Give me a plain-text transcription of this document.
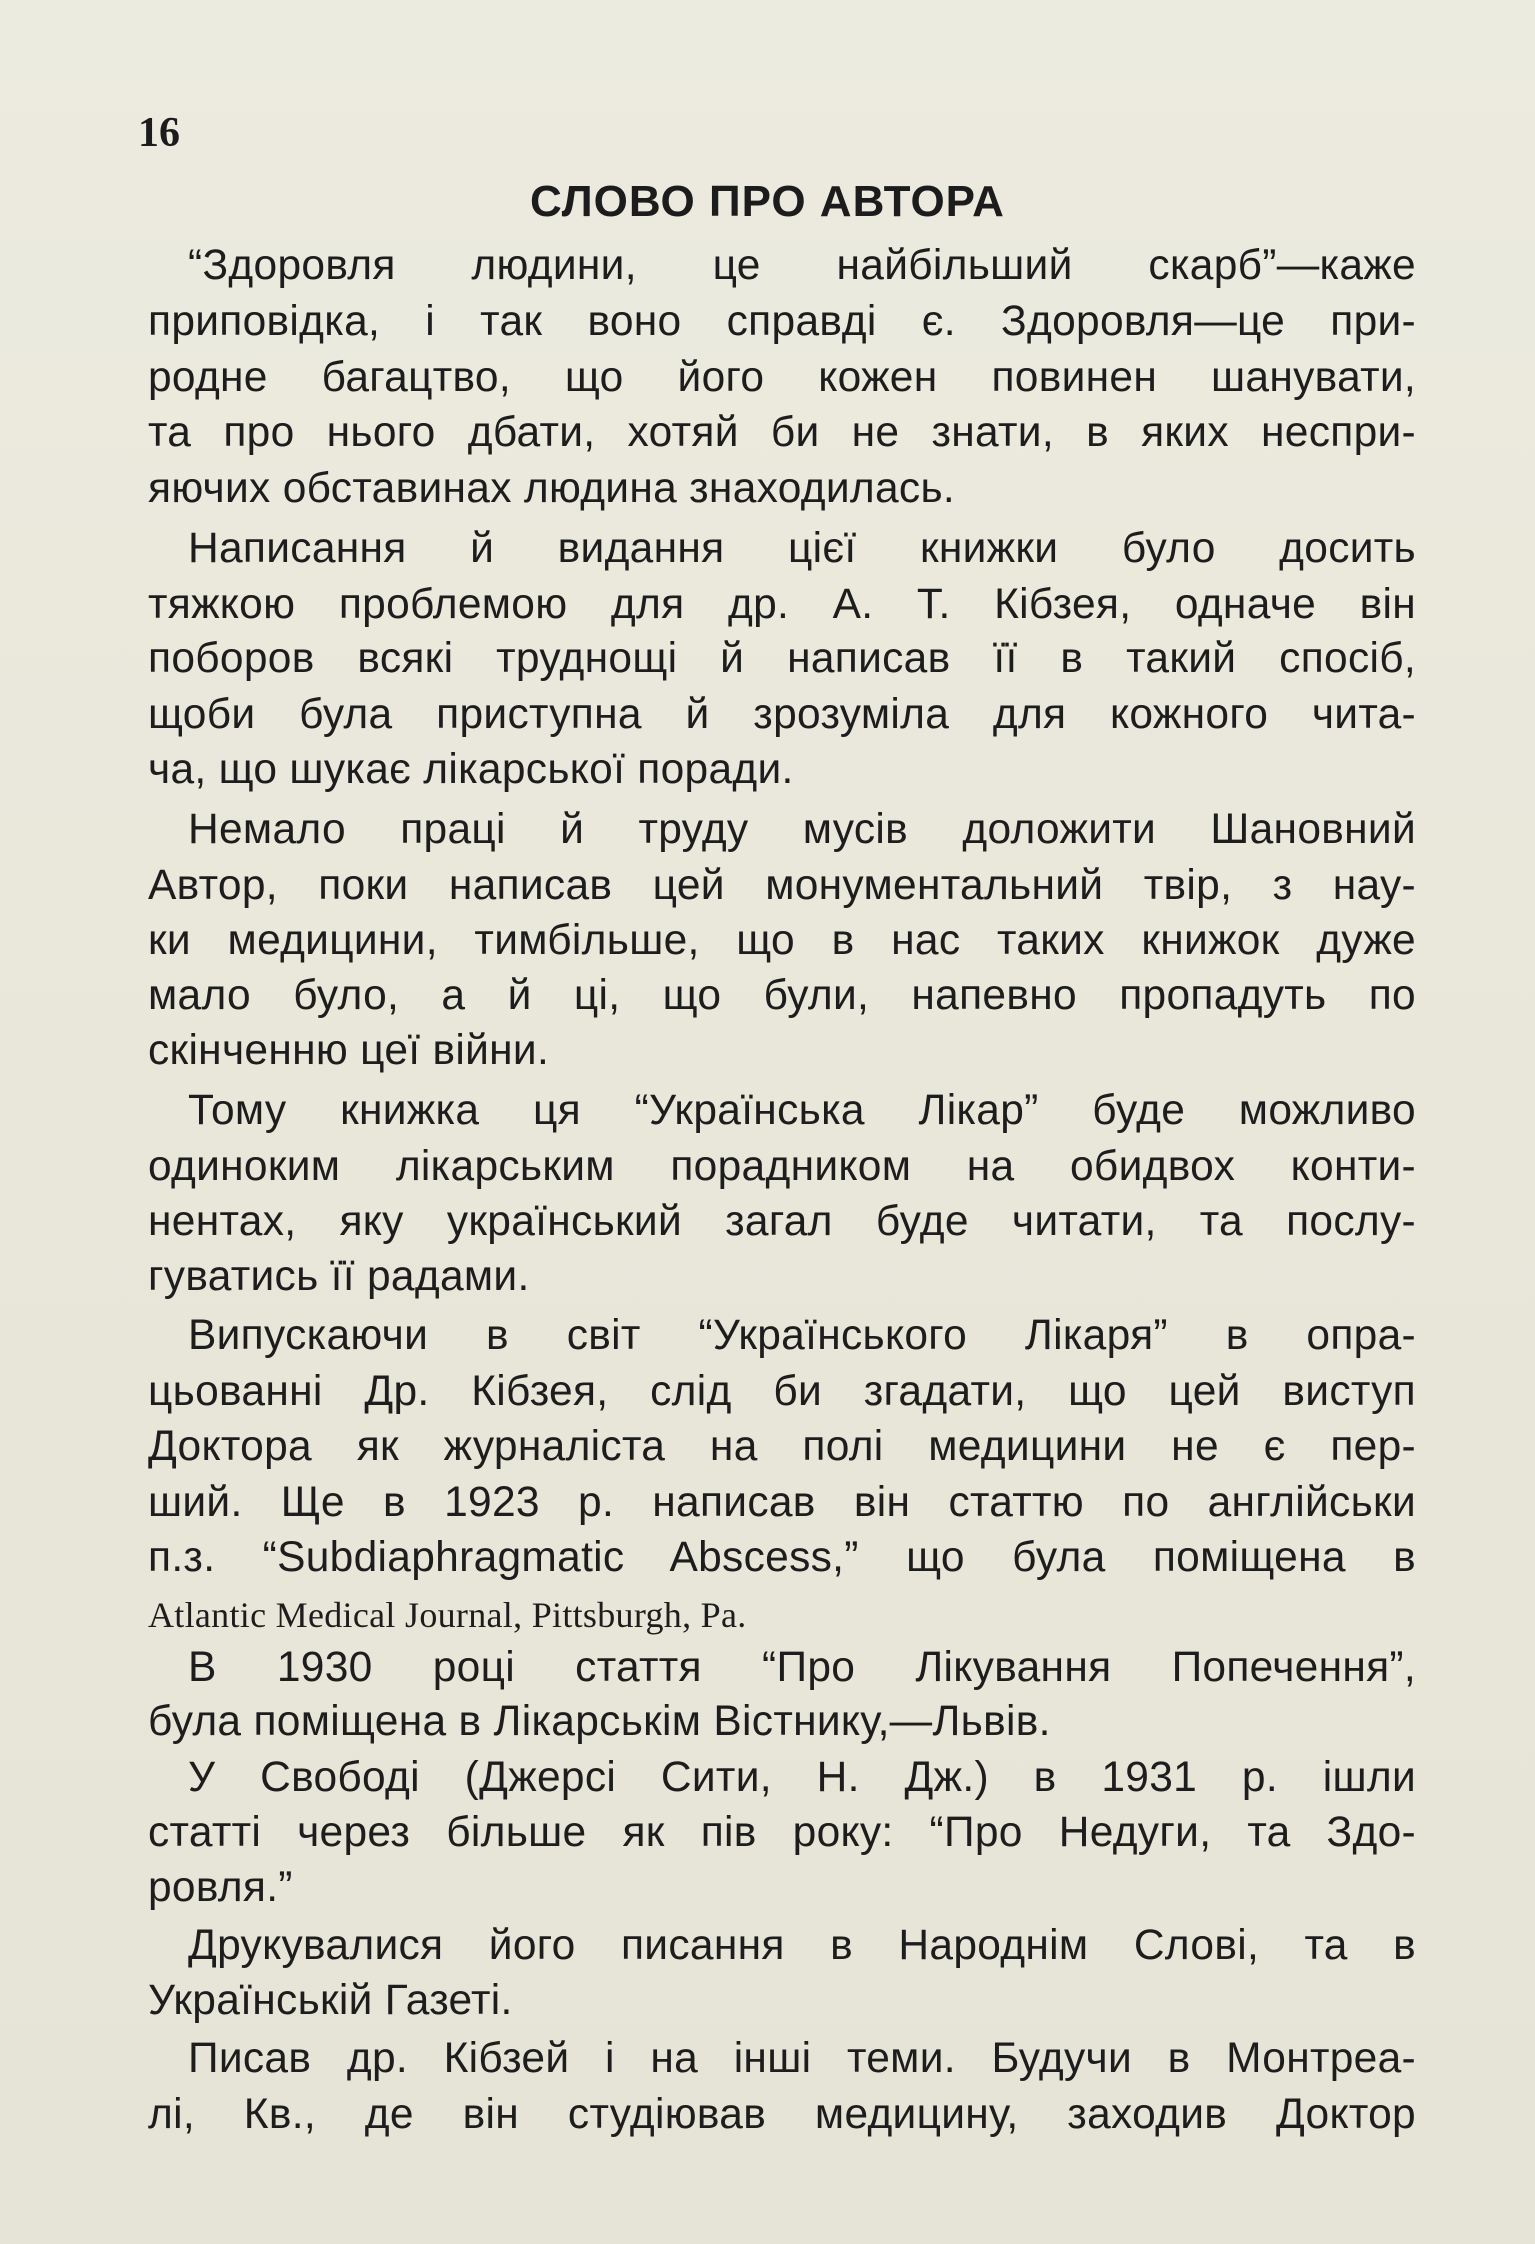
16
СЛОВО ПРО АВТОРА
“Здоровля людини, це найбільший скарб”—каже
приповідка, і так воно справді є. Здоровля—це при-
родне багацтво, що його кожен повинен шанувати,
та про нього дбати, хотяй би не знати, в яких неспри-
яючих обставинах людина знаходилась.
Написання й видання цієї книжки було досить
тяжкою проблемою для др. А. Т. Кібзея, одначе він
поборов всякі труднощі й написав її в такий спосіб,
щоби була приступна й зрозуміла для кожного чита-
ча, що шукає лікарської поради.
Немало праці й труду мусів доложити Шановний
Автор, поки написав цей монументальний твір, з нау-
ки медицини, тимбільше, що в нас таких книжок дуже
мало було, а й ці, що були, напевно пропадуть по
скінченню цеї війни.
Тому книжка ця “Українська Лікар” буде можливо
одиноким лікарським порадником на обидвох конти-
нентах, яку український загал буде читати, та послу-
гуватись її радами.
Випускаючи в світ “Українського Лікаря” в опра-
цьованні Др. Кібзея, слід би згадати, що цей виступ
Доктора як журналіста на полі медицини не є пер-
ший. Ще в 1923 р. написав він статтю по англійськи
п.з. “Subdiaphragmatic Abscess,” що була поміщена в
Atlantic Medical Journal, Pittsburgh, Pa.
В 1930 році стаття “Про Лікування Попечення”,
була поміщена в Лікарськім Вістнику,—Львів.
У Свободі (Джерсі Сити, Н. Дж.) в 1931 р. ішли
статті через більше як пів року: “Про Недуги, та Здо-
ровля.”
Друкувалися його писання в Народнім Слові, та в
Українській Газеті.
Писав др. Кібзей і на інші теми. Будучи в Монтреа-
лі, Кв., де він студіював медицину, заходив Доктор
